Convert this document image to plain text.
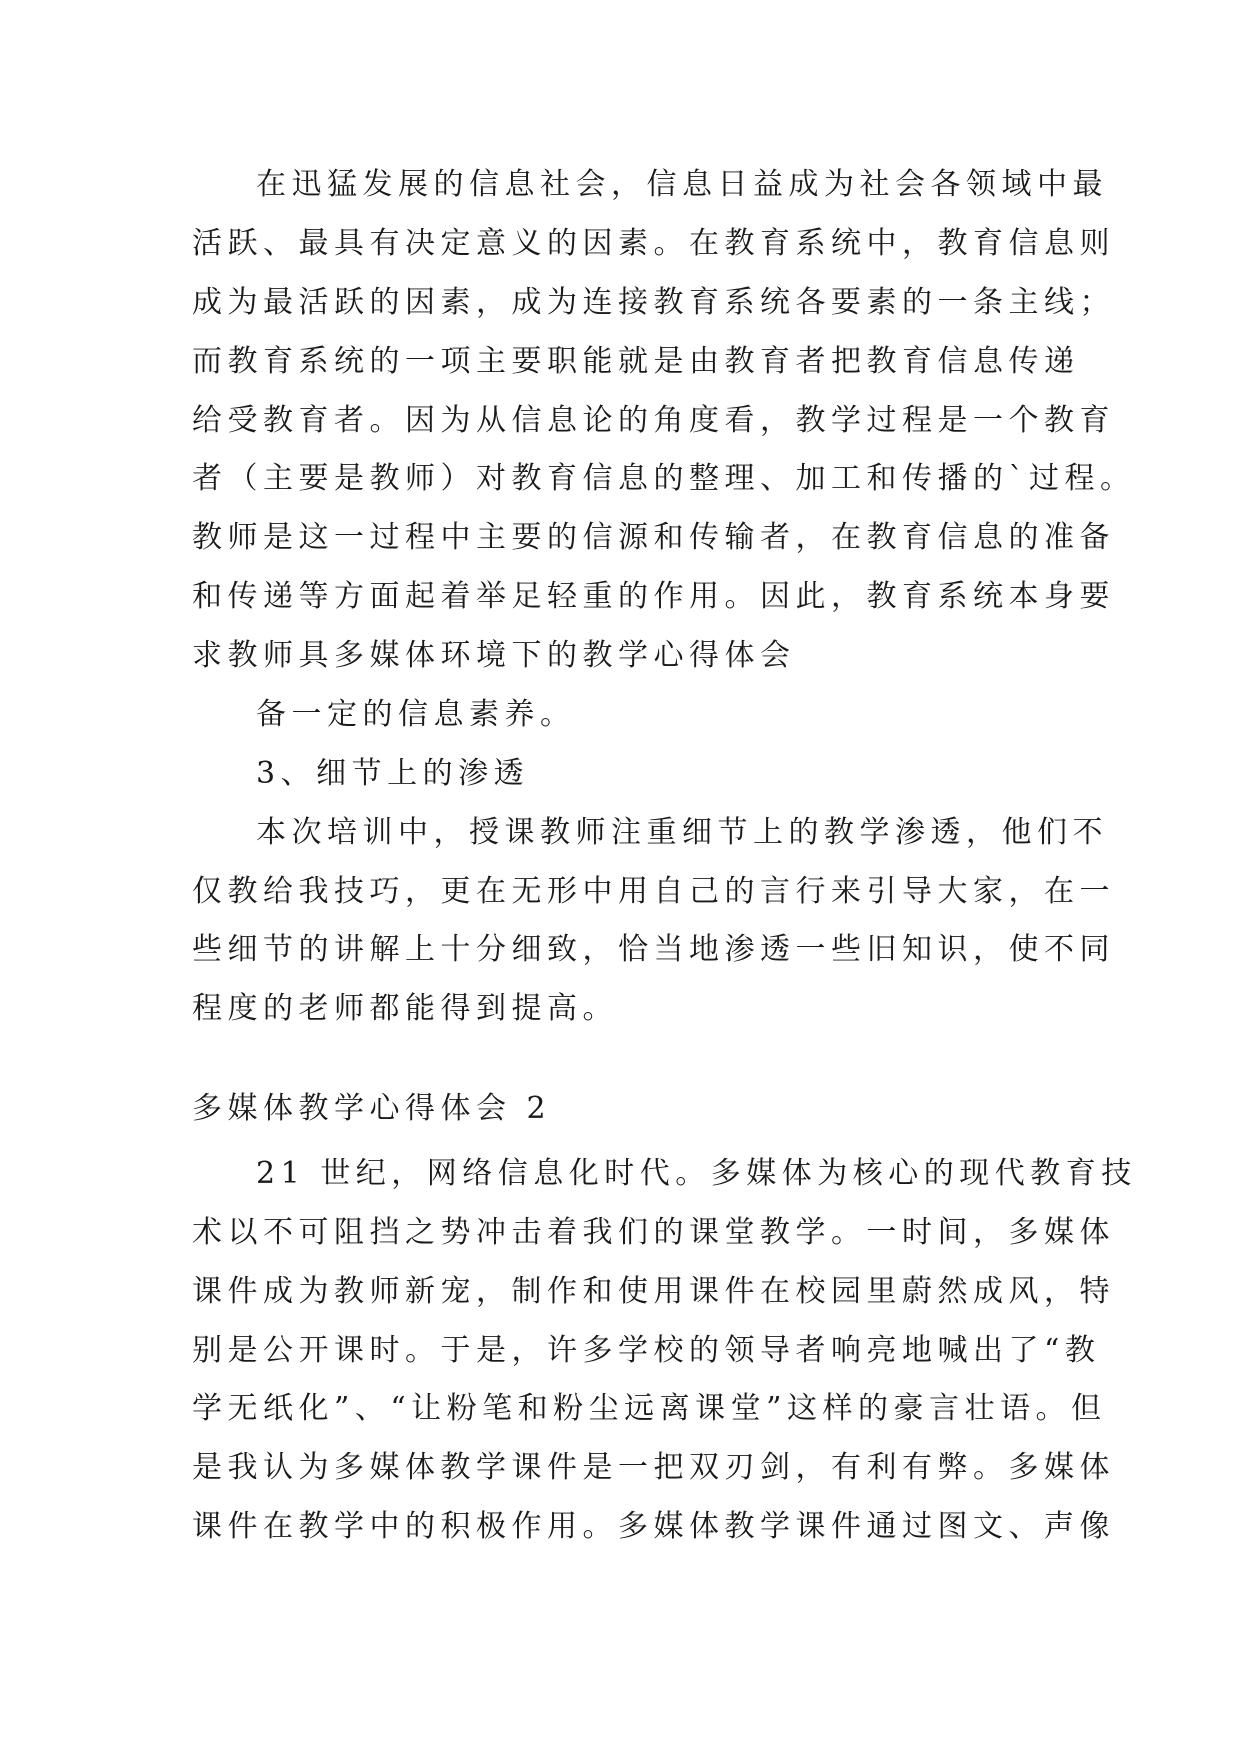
在迅猛发展的信息社会，信息日益成为社会各领域中最
活跃、最具有决定意义的因素。在教育系统中，教育信息则
成为最活跃的因素，成为连接教育系统各要素的一条主线；
而教育系统的一项主要职能就是由教育者把教育信息传递
给受教育者。因为从信息论的角度看，教学过程是一个教育
者（主要是教师）对教育信息的整理、加工和传播的`过程。
教师是这一过程中主要的信源和传输者，在教育信息的准备
和传递等方面起着举足轻重的作用。因此，教育系统本身要
求教师具多媒体环境下的教学心得体会
备一定的信息素养。
3、细节上的渗透
本次培训中，授课教师注重细节上的教学渗透，他们不
仅教给我技巧，更在无形中用自己的言行来引导大家，在一
些细节的讲解上十分细致，恰当地渗透一些旧知识，使不同
程度的老师都能得到提高。
多媒体教学心得体会 2
21 世纪，网络信息化时代。多媒体为核心的现代教育技
术以不可阻挡之势冲击着我们的课堂教学。一时间，多媒体
课件成为教师新宠，制作和使用课件在校园里蔚然成风，特
别是公开课时。于是，许多学校的领导者响亮地喊出了“教
学无纸化”、“让粉笔和粉尘远离课堂”这样的豪言壮语。但
是我认为多媒体教学课件是一把双刃剑，有利有弊。多媒体
课件在教学中的积极作用。多媒体教学课件通过图文、声像
